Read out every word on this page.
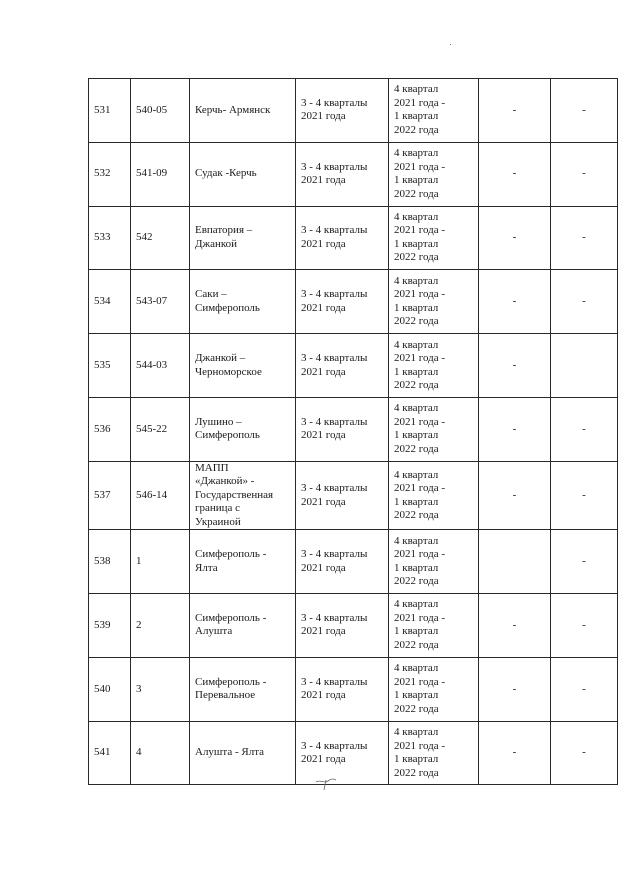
531	540-05	Керчь- Армянск	3 - 4 кварталы
2021 года	4 квартал
2021 года -
1 квартал
2022 года	-	-
532	541-09	Судак -Керчь	3 - 4 кварталы
2021 года	4 квартал
2021 года -
1 квартал
2022 года	-	-
533	542	Евпатория –
Джанкой	3 - 4 кварталы
2021 года	4 квартал
2021 года -
1 квартал
2022 года	-	-
534	543-07	Саки –
Симферополь	3 - 4 кварталы
2021 года	4 квартал
2021 года -
1 квартал
2022 года	-	-
535	544-03	Джанкой –
Черноморское	3 - 4 кварталы
2021 года	4 квартал
2021 года -
1 квартал
2022 года	-	
536	545-22	Лушино –
Симферополь	3 - 4 кварталы
2021 года	4 квартал
2021 года -
1 квартал
2022 года	-	-
537	546-14	МАПП
«Джанкой» -
Государственная
граница с
Украиной	3 - 4 кварталы
2021 года	4 квартал
2021 года -
1 квартал
2022 года	-	-
538	1	Симферополь -
Ялта	3 - 4 кварталы
2021 года	4 квартал
2021 года -
1 квартал
2022 года		-
539	2	Симферополь -
Алушта	3 - 4 кварталы
2021 года	4 квартал
2021 года -
1 квартал
2022 года	-	-
540	3	Симферополь -
Перевальное	3 - 4 кварталы
2021 года	4 квартал
2021 года -
1 квартал
2022 года	-	-
541	4	Алушта - Ялта	3 - 4 кварталы
2021 года	4 квартал
2021 года -
1 квартал
2022 года	-	-
